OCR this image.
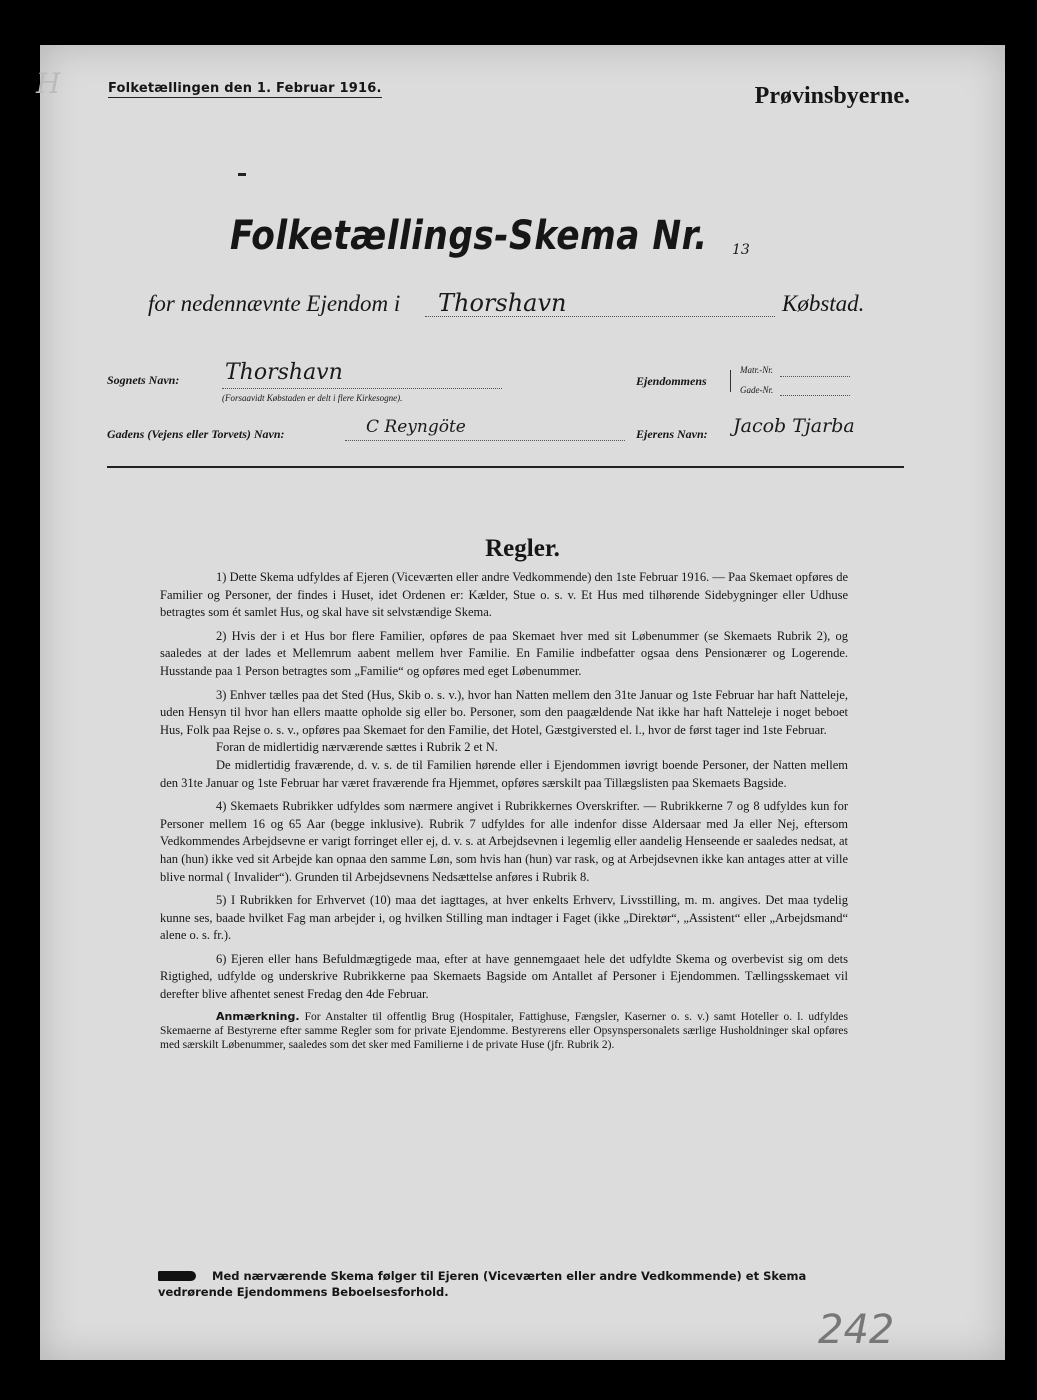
H	Folketællingen den 1. Februar 1916.	Prøvinsbyerne.
Folketællings-Skema Nr. 13
for nedennævnte Ejendom i Thorshavn	Købstad.
Sognets Navn: Thorshavn
(Forsaavidt Købstaden er delt i flere Kirkesogne).
Ejendommens
Matr.-Nr.
Gade-Nr.
Gadens (Vejens eller Torvets) Navn:	C Reyngöte	Ejerens Navn: Jacob Tjarba
Regler.

1) Dette Skema udfyldes af Ejeren (Viceværten eller andre Vedkommende) den 1ste Februar 1916. — Paa Skemaet opføres de Familier og Personer, der findes i Huset, idet Ordenen er: Kælder, Stue o. s. v. Et Hus med tilhørende Sidebygninger eller Udhuse betragtes som ét samlet Hus, og skal have sit selvstændige Skema.

2) Hvis der i et Hus bor flere Familier, opføres de paa Skemaet hver med sit Løbenummer (se Skemaets Rubrik 2), og saaledes at der lades et Mellemrum aabent mellem hver Familie. En Familie indbefatter ogsaa dens Pensionærer og Logerende. Husstande paa 1 Person betragtes som „Familie“ og opføres med eget Løbenummer.

3) Enhver tælles paa det Sted (Hus, Skib o. s. v.), hvor han Natten mellem den 31te Januar og 1ste Februar har haft Natteleje, uden Hensyn til hvor han ellers maatte opholde sig eller bo. Personer, som den paagældende Nat ikke har haft Natteleje i noget beboet Hus, Folk paa Rejse o. s. v., opføres paa Skemaet for den Familie, det Hotel, Gæstgiversted el. l., hvor de først tager ind 1ste Februar.

Foran de midlertidig nærværende sættes i Rubrik 2 et N.

De midlertidig fraværende, d. v. s. de til Familien hørende eller i Ejendommen iøvrigt boende Personer, der Natten mellem den 31te Januar og 1ste Februar har været fraværende fra Hjemmet, opføres særskilt paa Tillægslisten paa Skemaets Bagside.

4) Skemaets Rubrikker udfyldes som nærmere angivet i Rubrikkernes Overskrifter. — Rubrikkerne 7 og 8 udfyldes kun for Personer mellem 16 og 65 Aar (begge inklusive). Rubrik 7 udfyldes for alle indenfor disse Aldersaar med Ja eller Nej, eftersom Vedkommendes Arbejdsevne er varigt forringet eller ej, d. v. s. at Arbejdsevnen i legemlig eller aandelig Henseende er saaledes nedsat, at han (hun) ikke ved sit Arbejde kan opnaa den samme Løn, som hvis han (hun) var rask, og at Arbejdsevnen ikke kan antages atter at ville blive normal ( Invalider“). Grunden til Arbejdsevnens Nedsættelse anføres i Rubrik 8.

5) I Rubrikken for Erhvervet (10) maa det iagttages, at hver enkelts Erhverv, Livsstilling, m. m. angives. Det maa tydelig kunne ses, baade hvilket Fag man arbejder i, og hvilken Stilling man indtager i Faget (ikke „Direktør“, „Assistent“ eller „Arbejdsmand“ alene o. s. fr.).

6) Ejeren eller hans Befuldmægtigede maa, efter at have gennemgaaet hele det udfyldte Skema og overbevist sig om dets Rigtighed, udfylde og underskrive Rubrikkerne paa Skemaets Bagside om Antallet af Personer i Ejendommen. Tællingsskemaet vil derefter blive afhentet senest Fredag den 4de Februar.

Anmærkning. For Anstalter til offentlig Brug (Hospitaler, Fattighuse, Fængsler, Kaserner o. s. v.) samt Hoteller o. l. udfyldes Skemaerne af Bestyrerne efter samme Regler som for private Ejendomme. Bestyrerens eller Opsynspersonalets særlige Husholdninger skal opføres med særskilt Løbenummer, saaledes som det sker med Familierne i de private Huse (jfr. Rubrik 2).

Med nærværende Skema følger til Ejeren (Viceværten eller andre Vedkommende) et Skema vedrørende Ejendommens Beboelsesforhold.
242
